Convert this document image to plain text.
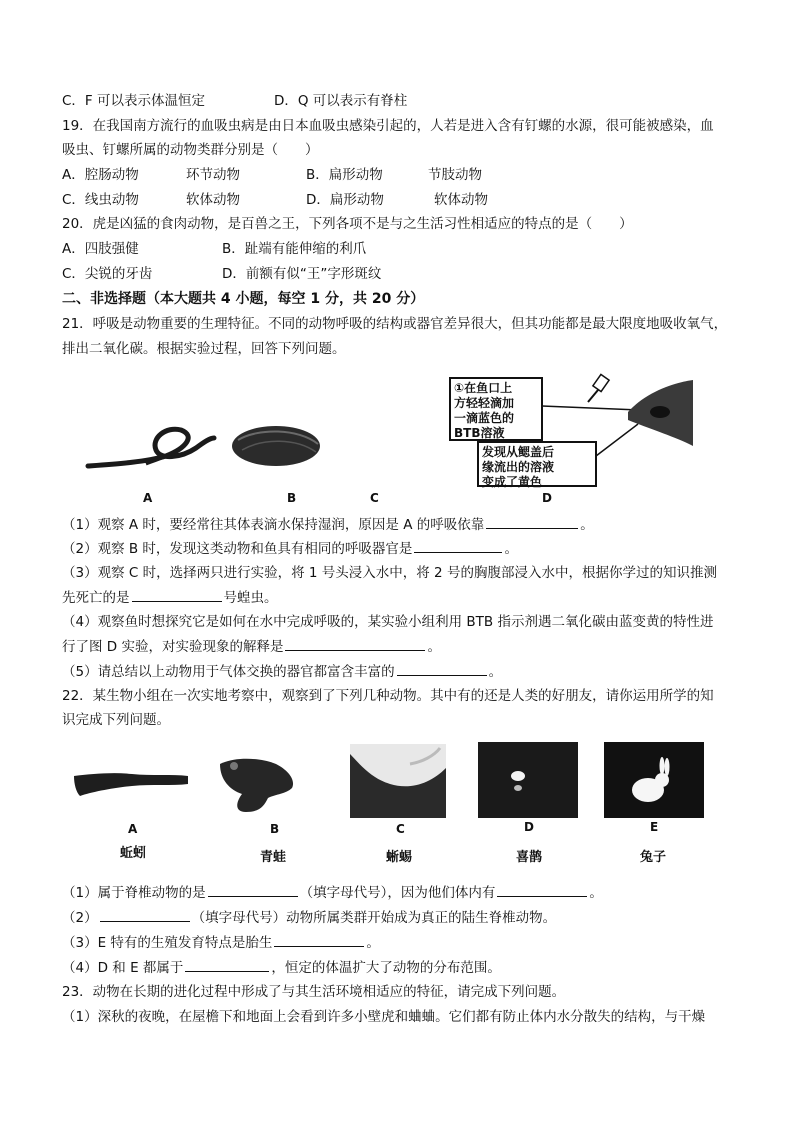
C．F 可以表示体温恒定	D．Q 可以表示有脊柱
19．在我国南方流行的血吸虫病是由日本血吸虫感染引起的，人若是进入含有钉螺的水源，很可能被感染，血
吸虫、钉螺所属的动物类群分别是（　　）
A．腔肠动物	环节动物	B．扁形动物	节肢动物
C．线虫动物	软体动物	D．扁形动物	软体动物
20．虎是凶猛的食肉动物，是百兽之王，下列各项不是与之生活习性相适应的特点的是（　　）
A．四肢强健	B．趾端有能伸缩的利爪
C．尖锐的牙齿	D．前额有似“王”字形斑纹
二、非选择题（本大题共 4 小题，每空 1 分，共 20 分）
21．呼吸是动物重要的生理特征。不同的动物呼吸的结构或器官差异很大，但其功能都是最大限度地吸收氧气，
排出二氧化碳。根据实验过程，回答下列问题。
A	B	C
①在鱼口上
方轻轻滴加
一滴蓝色的
BTB溶液
发现从鳃盖后
缘流出的溶液
变成了黄色
D
（1）观察 A 时，要经常往其体表滴水保持湿润，原因是 A 的呼吸依靠	。
（2）观察 B 时，发现这类动物和鱼具有相同的呼吸器官是	。
（3）观察 C 时，选择两只进行实验，将 1 号头浸入水中，将 2 号的胸腹部浸入水中，根据你学过的知识推测
先死亡的是	号蝗虫。
（4）观察鱼时想探究它是如何在水中完成呼吸的，某实验小组利用 BTB 指示剂遇二氧化碳由蓝变黄的特性进
行了图 D 实验，对实验现象的解释是	。
（5）请总结以上动物用于气体交换的器官都富含丰富的	。
22．某生物小组在一次实地考察中，观察到了下列几种动物。其中有的还是人类的好朋友，请你运用所学的知
识完成下列问题。
A	B	C	D	E
蚯蚓	青蛙	蜥蜴	喜鹊	兔子
（1）属于脊椎动物的是	（填字母代号），因为他们体内有	。
（2）	（填字母代号）动物所属类群开始成为真正的陆生脊椎动物。
（3）E 特有的生殖发育特点是胎生	。
（4）D 和 E 都属于	，恒定的体温扩大了动物的分布范围。
23．动物在长期的进化过程中形成了与其生活环境相适应的特征，请完成下列问题。
（1）深秋的夜晚，在屋檐下和地面上会看到许多小壁虎和蛐蛐。它们都有防止体内水分散失的结构，与干燥
